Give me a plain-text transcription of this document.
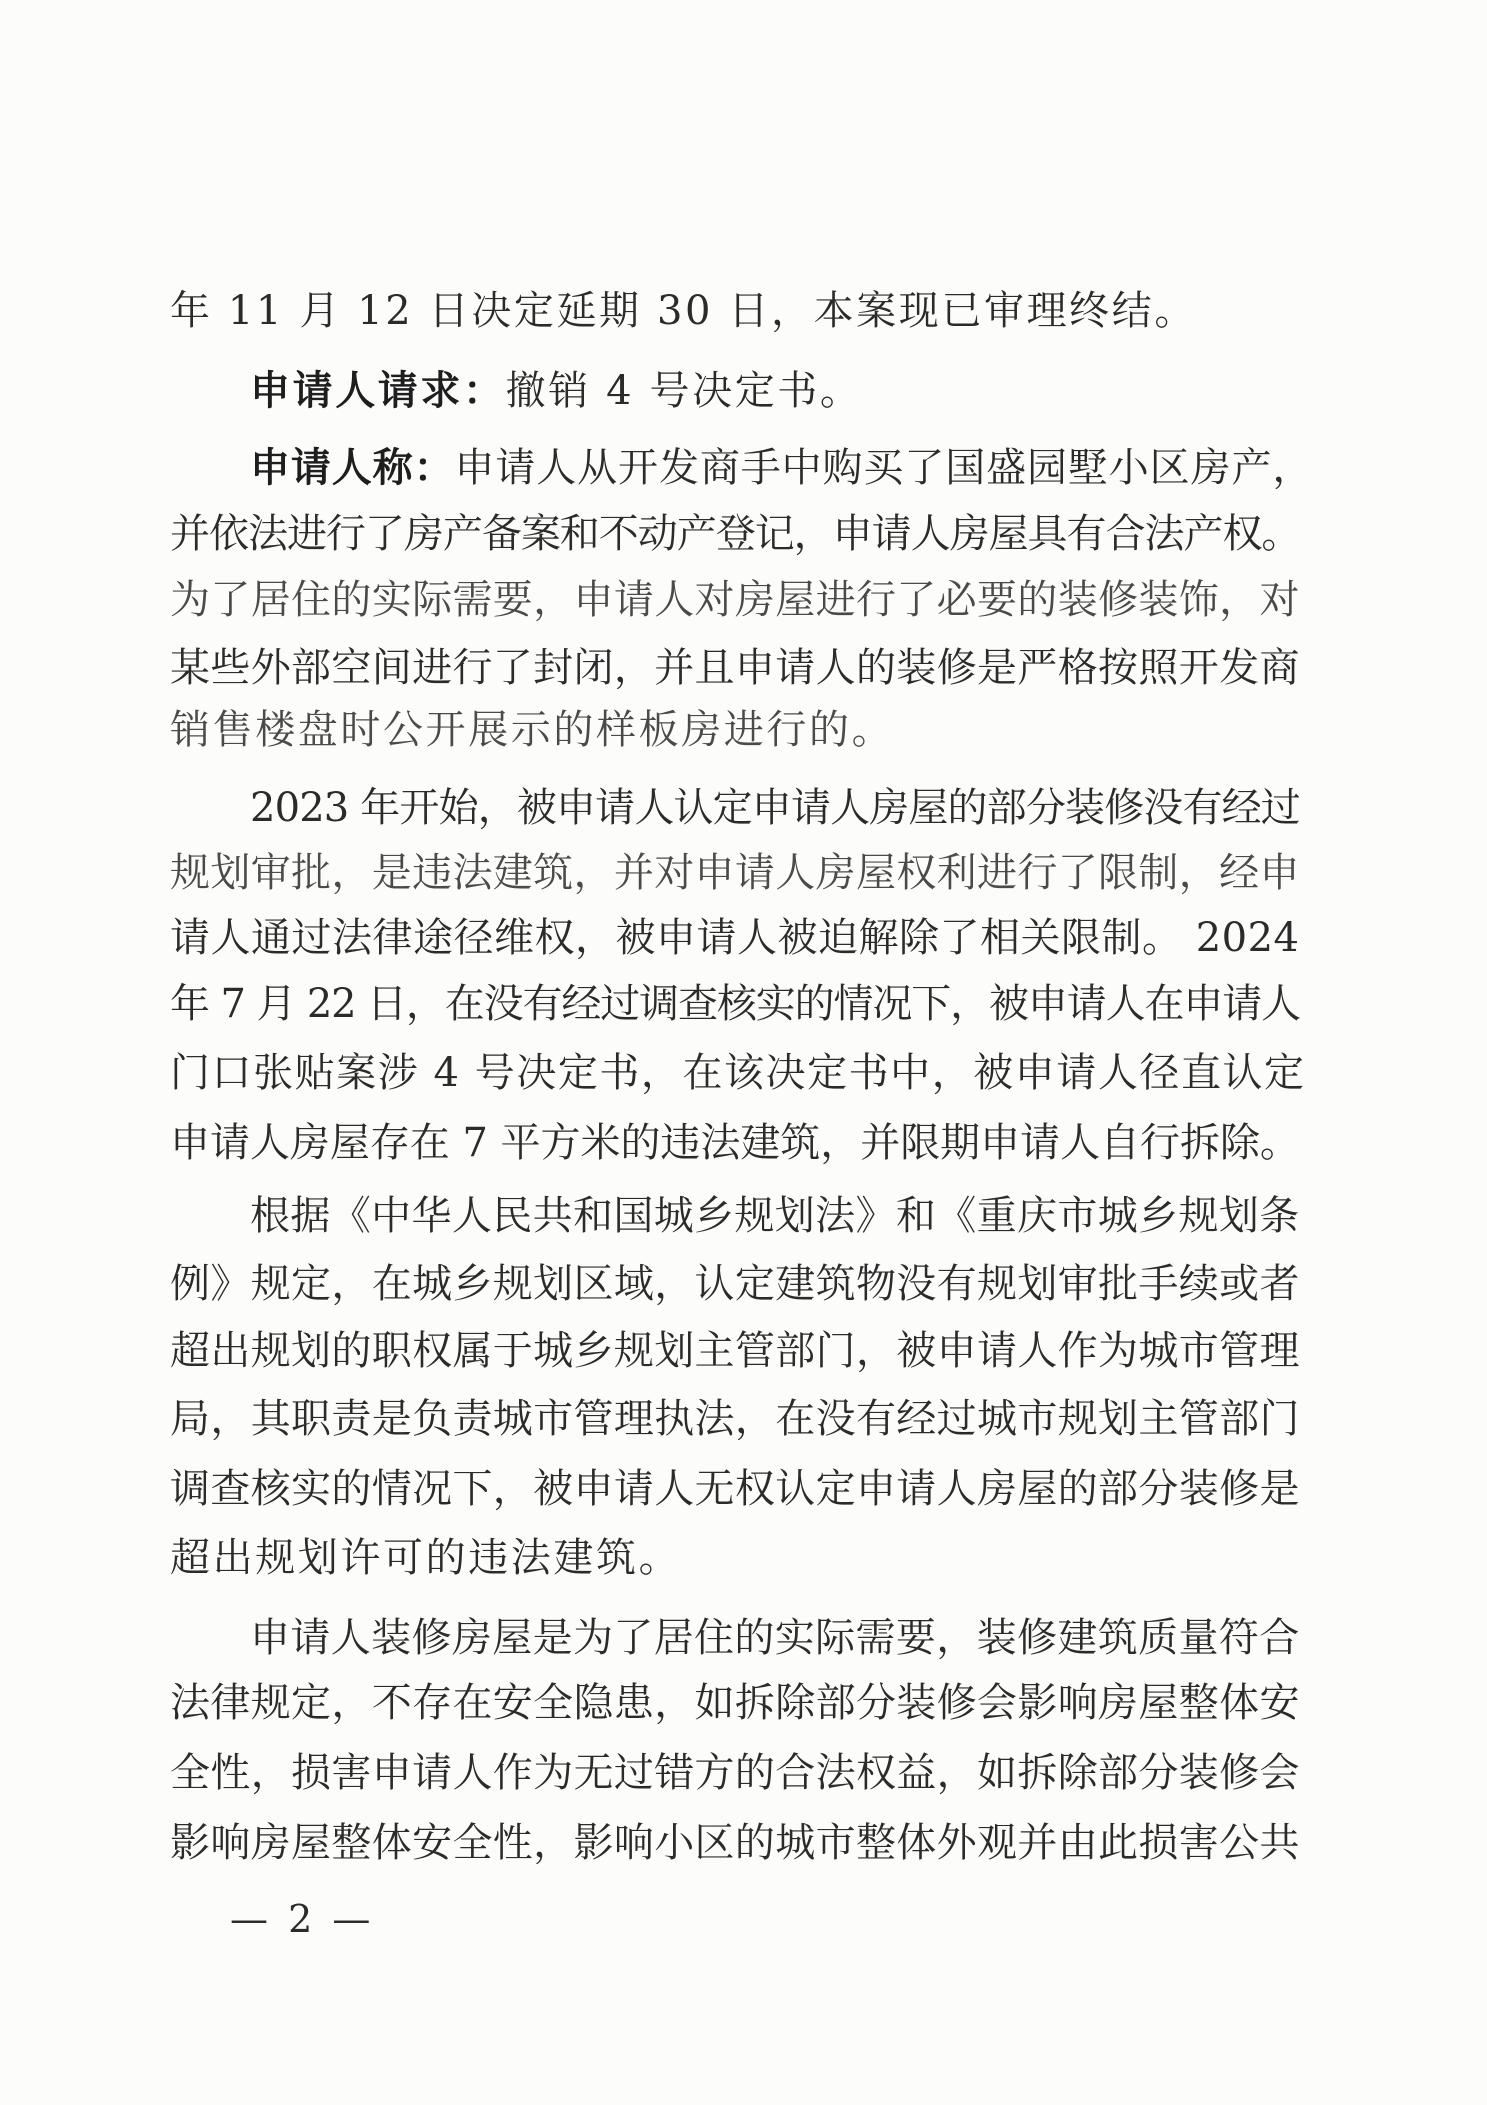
年 11 月 12 日决定延期 30 日，本案现已审理终结。
申请人请求：撤销 4 号决定书。
申请人称：申请人从开发商手中购买了国盛园墅小区房产，
并依法进行了房产备案和不动产登记，申请人房屋具有合法产权。
为了居住的实际需要，申请人对房屋进行了必要的装修装饰，对
某些外部空间进行了封闭，并且申请人的装修是严格按照开发商
销售楼盘时公开展示的样板房进行的。
2023 年开始，被申请人认定申请人房屋的部分装修没有经过
规划审批，是违法建筑，并对申请人房屋权利进行了限制，经申
请人通过法律途径维权，被申请人被迫解除了相关限制。 2024
年 7 月 22 日，在没有经过调查核实的情况下，被申请人在申请人
门口张贴案涉 4 号决定书，在该决定书中，被申请人径直认定
申请人房屋存在 7 平方米的违法建筑，并限期申请人自行拆除。
根据《中华人民共和国城乡规划法》和《重庆市城乡规划条
例》规定，在城乡规划区域，认定建筑物没有规划审批手续或者
超出规划的职权属于城乡规划主管部门，被申请人作为城市管理
局，其职责是负责城市管理执法，在没有经过城市规划主管部门
调查核实的情况下，被申请人无权认定申请人房屋的部分装修是
超出规划许可的违法建筑。
申请人装修房屋是为了居住的实际需要，装修建筑质量符合
法律规定，不存在安全隐患，如拆除部分装修会影响房屋整体安
全性，损害申请人作为无过错方的合法权益，如拆除部分装修会
影响房屋整体安全性，影响小区的城市整体外观并由此损害公共
— 2 —
